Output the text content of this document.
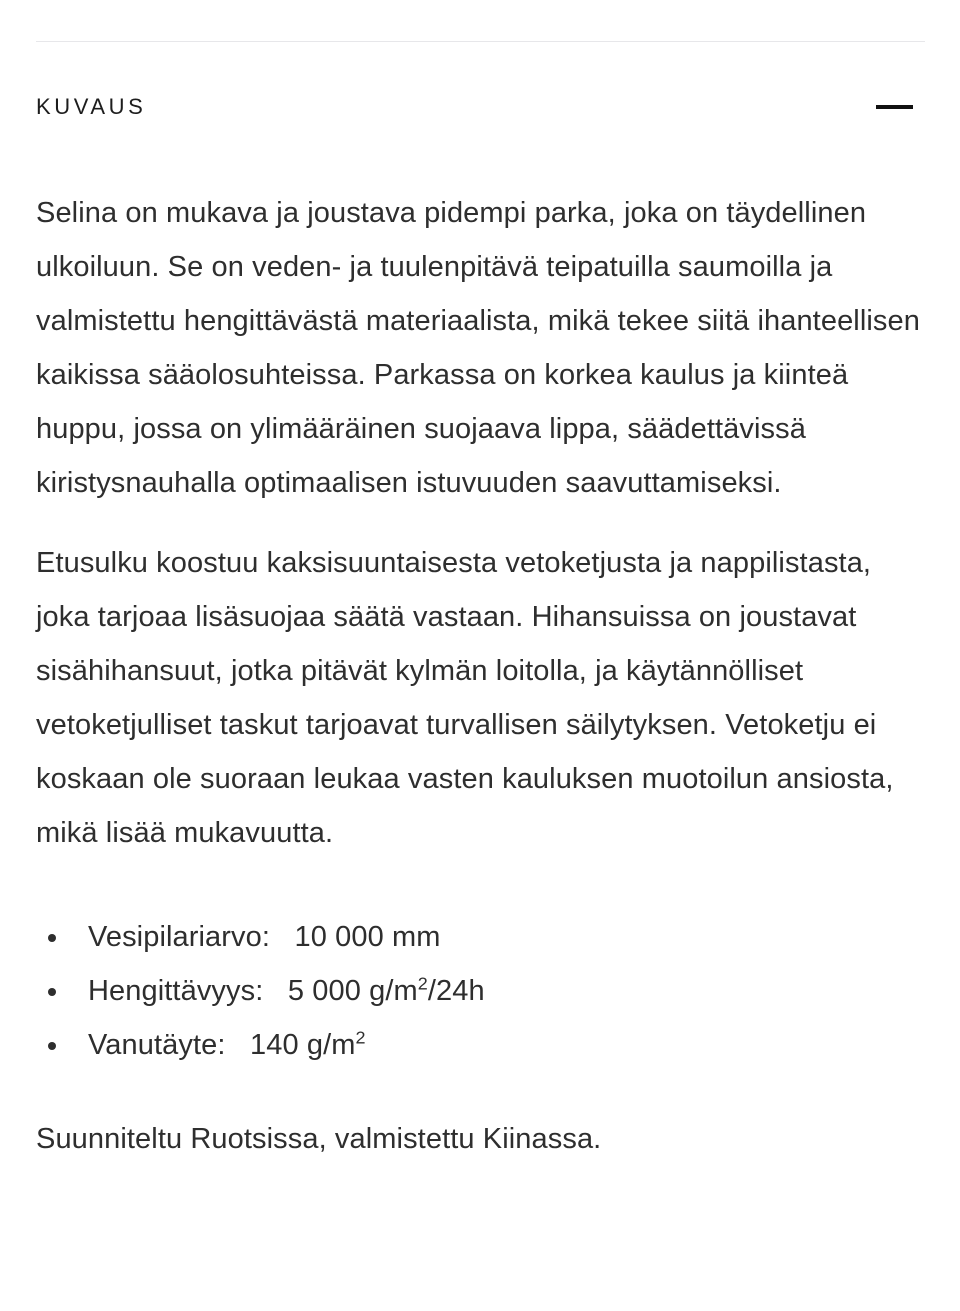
KUVAUS

Selina on mukava ja joustava pidempi parka, joka on täydellinen ulkoiluun. Se on veden- ja tuulenpitävä teipatuilla saumoilla ja valmistettu hengittävästä materiaalista, mikä tekee siitä ihanteellisen kaikissa sääolosuhteissa. Parkassa on korkea kaulus ja kiinteä huppu, jossa on ylimääräinen suojaava lippa, säädettävissä kiristysnauhalla optimaalisen istuvuuden saavuttamiseksi.

Etusulku koostuu kaksisuuntaisesta vetoketjusta ja nappilistasta, joka tarjoaa lisäsuojaa säätä vastaan. Hihansuissa on joustavat sisähihansuut, jotka pitävät kylmän loitolla, ja käytännölliset vetoketjulliset taskut tarjoavat turvallisen säilytyksen. Vetoketju ei koskaan ole suoraan leukaa vasten kauluksen muotoilun ansiosta, mikä lisää mukavuutta.

Vesipilariarvo: 10 000 mm
Hengittävyys: 5 000 $g/m^2/24h$
Vanutäyte: 140 $g/m^2$

Suunniteltu Ruotsissa, valmistettu Kiinassa.
